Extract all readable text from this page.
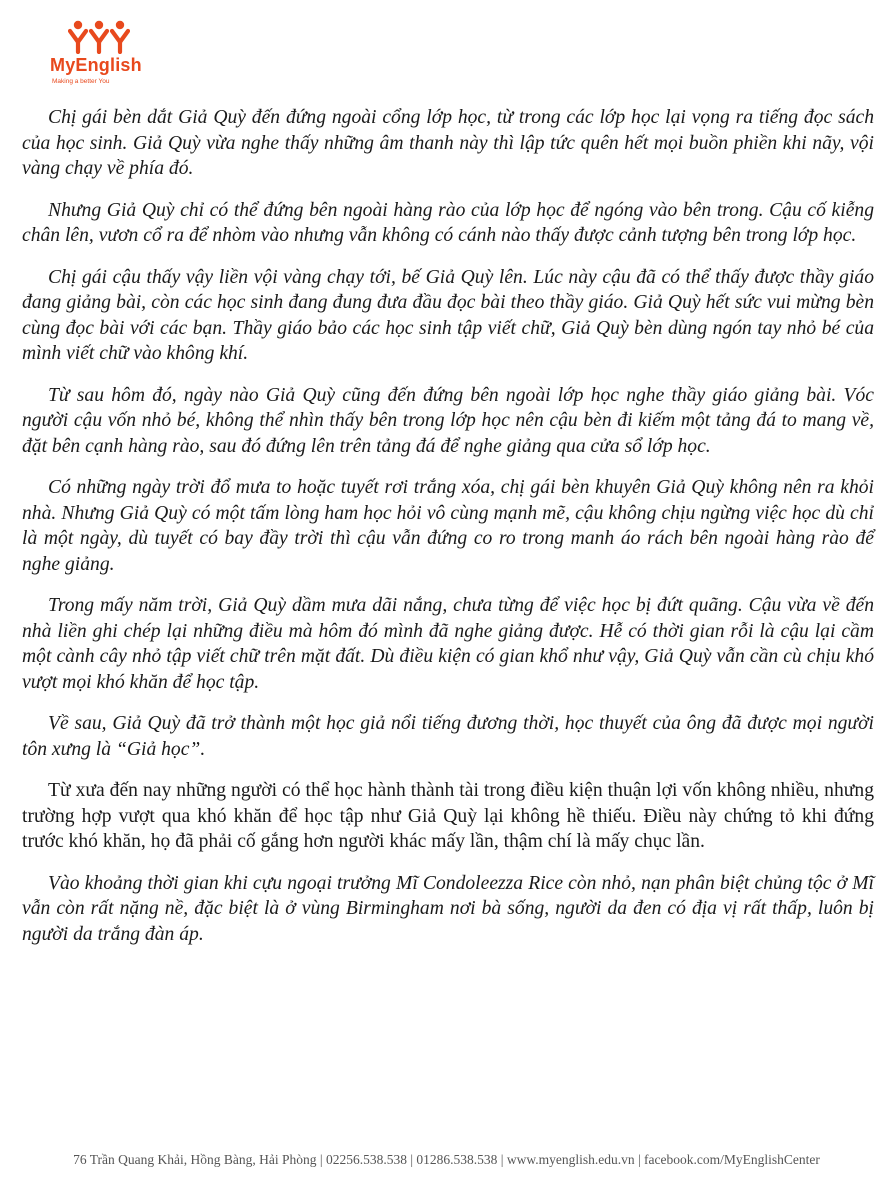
MyEnglish
Making a better You

Chị gái bèn dắt Giả Quỳ đến đứng ngoài cổng lớp học, từ trong các lớp học lại vọng ra tiếng đọc sách của học sinh. Giả Quỳ vừa nghe thấy những âm thanh này thì lập tức quên hết mọi buồn phiền khi nãy, vội vàng chạy về phía đó.

Nhưng Giả Quỳ chỉ có thể đứng bên ngoài hàng rào của lớp học để ngóng vào bên trong. Cậu cố kiễng chân lên, vươn cổ ra để nhòm vào nhưng vẫn không có cánh nào thấy được cảnh tượng bên trong lớp học.

Chị gái cậu thấy vậy liền vội vàng chạy tới, bế Giả Quỳ lên. Lúc này cậu đã có thể thấy được thầy giáo đang giảng bài, còn các học sinh đang đung đưa đầu đọc bài theo thầy giáo. Giả Quỳ hết sức vui mừng bèn cùng đọc bài với các bạn. Thầy giáo bảo các học sinh tập viết chữ, Giả Quỳ bèn dùng ngón tay nhỏ bé của mình viết chữ vào không khí.

Từ sau hôm đó, ngày nào Giả Quỳ cũng đến đứng bên ngoài lớp học nghe thầy giáo giảng bài. Vóc người cậu vốn nhỏ bé, không thể nhìn thấy bên trong lớp học nên cậu bèn đi kiếm một tảng đá to mang về, đặt bên cạnh hàng rào, sau đó đứng lên trên tảng đá để nghe giảng qua cửa sổ lớp học.

Có những ngày trời đổ mưa to hoặc tuyết rơi trắng xóa, chị gái bèn khuyên Giả Quỳ không nên ra khỏi nhà. Nhưng Giả Quỳ có một tấm lòng ham học hỏi vô cùng mạnh mẽ, cậu không chịu ngừng việc học dù chỉ là một ngày, dù tuyết có bay đầy trời thì cậu vẫn đứng co ro trong manh áo rách bên ngoài hàng rào để nghe giảng.

Trong mấy năm trời, Giả Quỳ dầm mưa dãi nắng, chưa từng để việc học bị đứt quãng. Cậu vừa về đến nhà liền ghi chép lại những điều mà hôm đó mình đã nghe giảng được. Hễ có thời gian rỗi là cậu lại cầm một cành cây nhỏ tập viết chữ trên mặt đất. Dù điều kiện có gian khổ như vậy, Giả Quỳ vẫn cần cù chịu khó vượt mọi khó khăn để học tập.

Về sau, Giả Quỳ đã trở thành một học giả nổi tiếng đương thời, học thuyết của ông đã được mọi người tôn xưng là “Giả học”.

Từ xưa đến nay những người có thể học hành thành tài trong điều kiện thuận lợi vốn không nhiều, nhưng trường hợp vượt qua khó khăn để học tập như Giả Quỳ lại không hề thiếu. Điều này chứng tỏ khi đứng trước khó khăn, họ đã phải cố gắng hơn người khác mấy lần, thậm chí là mấy chục lần.

Vào khoảng thời gian khi cựu ngoại trưởng Mĩ Condoleezza Rice còn nhỏ, nạn phân biệt chủng tộc ở Mĩ vẫn còn rất nặng nề, đặc biệt là ở vùng Birmingham nơi bà sống, người da đen có địa vị rất thấp, luôn bị người da trắng đàn áp.

76 Trần Quang Khải, Hồng Bàng, Hải Phòng | 02256.538.538 | 01286.538.538 | www.myenglish.edu.vn | facebook.com/MyEnglishCenter
